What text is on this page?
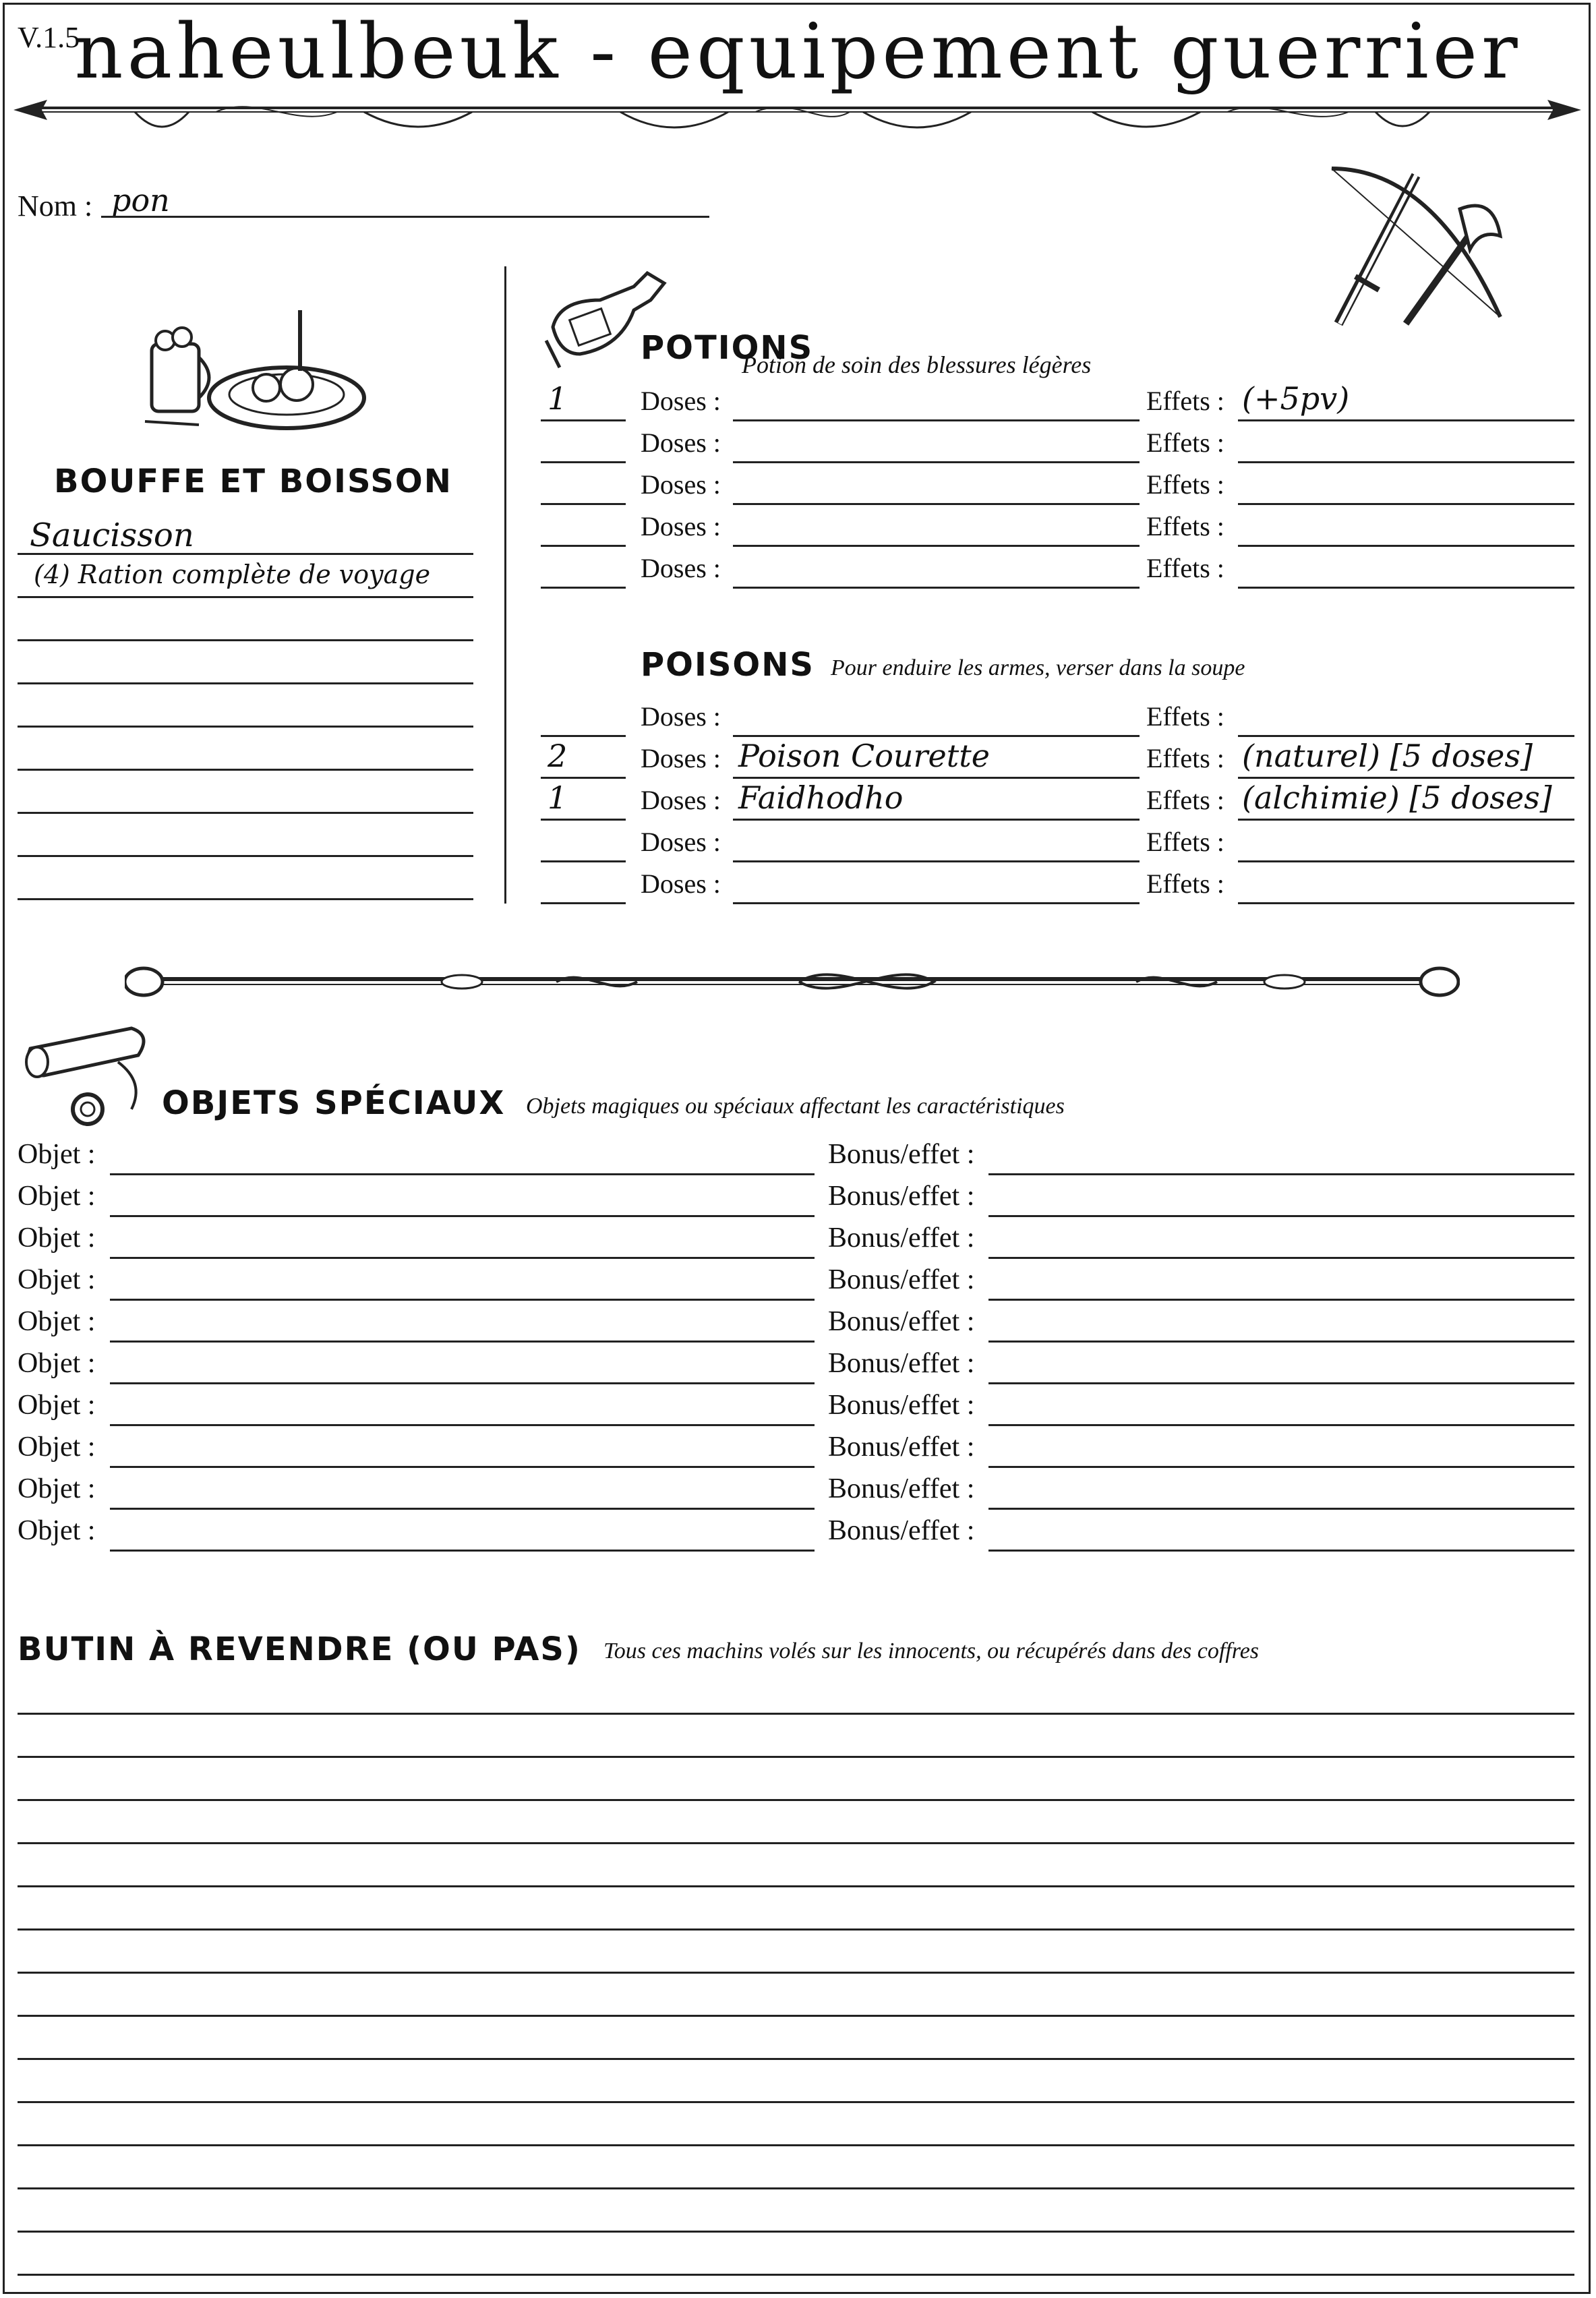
V.1.5
naheulbeuk - equipement guerrier
Nom : pon
BOUFFE ET BOISSON
Saucisson
(4) Ration complète de voyage
POTIONS
Potion de soin des blessures légères
1	Doses :	Effets : (+5pv)
Doses :	Effets :
Doses :	Effets :
Doses :	Effets :
Doses :	Effets :
POISONS Pour enduire les armes, verser dans la soupe
Doses :	Effets :
2	Doses : Poison Courette	Effets : (naturel) [5 doses]
1	Doses : Faidhodho	Effets : (alchimie) [5 doses]
Doses :	Effets :
Doses :	Effets :
OBJETS SPÉCIAUX Objets magiques ou spéciaux affectant les caractéristiques
Objet :	Bonus/effet :
Objet :	Bonus/effet :
Objet :	Bonus/effet :
Objet :	Bonus/effet :
Objet :	Bonus/effet :
Objet :	Bonus/effet :
Objet :	Bonus/effet :
Objet :	Bonus/effet :
Objet :	Bonus/effet :
Objet :	Bonus/effet :
BUTIN À REVENDRE (OU PAS) Tous ces machins volés sur les innocents, ou récupérés dans des coffres
